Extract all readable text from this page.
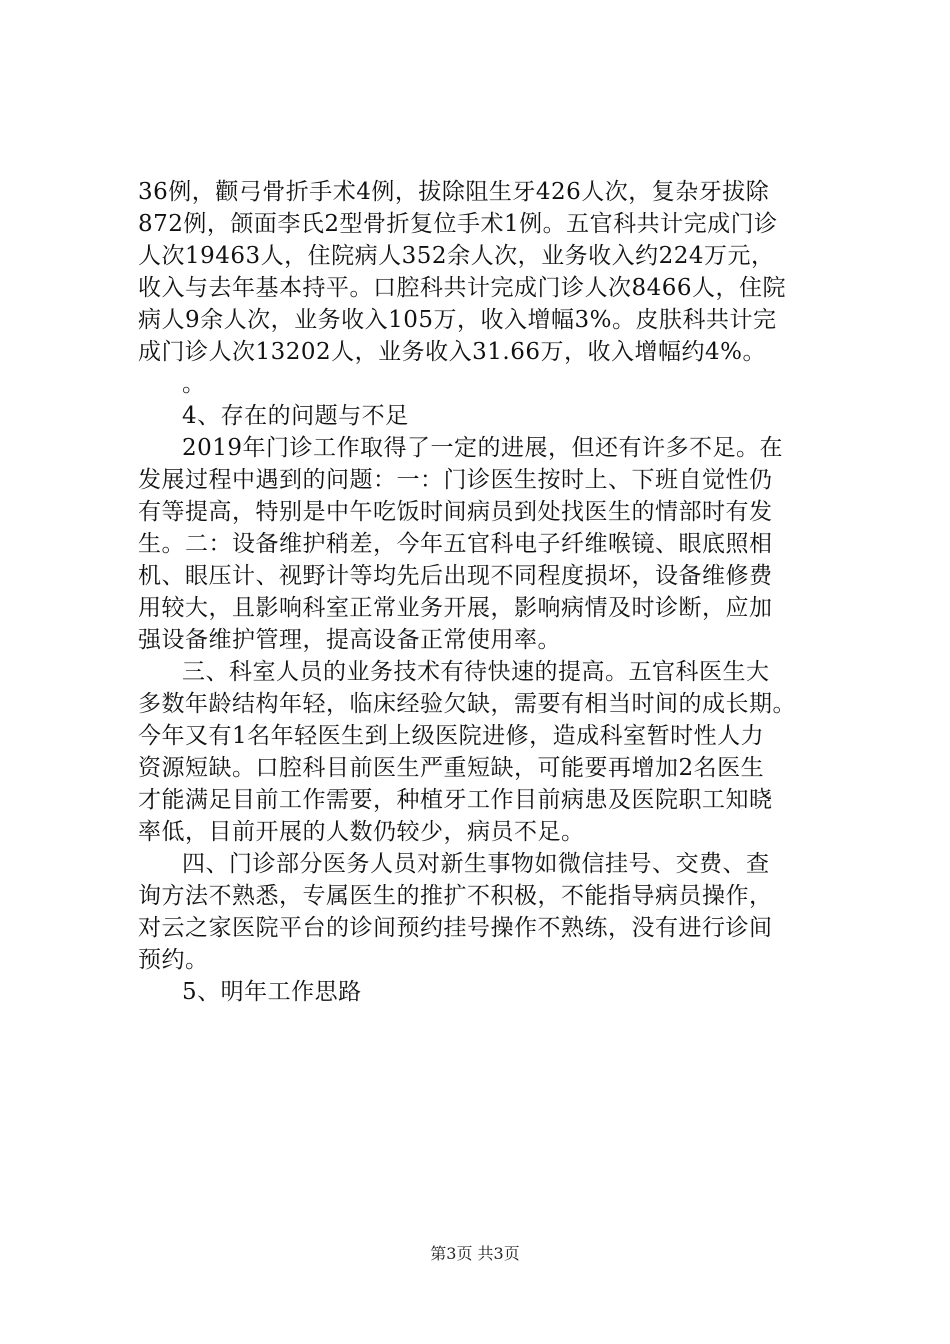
36例，颧弓骨折手术4例，拔除阻生牙426人次，复杂牙拔除
872例，颌面李氏2型骨折复位手术1例。五官科共计完成门诊
人次19463人，住院病人352余人次，业务收入约224万元，
收入与去年基本持平。口腔科共计完成门诊人次8466人，住院
病人9余人次，业务收入105万，收入增幅3%。皮肤科共计完
成门诊人次13202人，业务收入31.66万，收入增幅约4%。
。
4、存在的问题与不足
2019年门诊工作取得了一定的进展，但还有许多不足。在
发展过程中遇到的问题：一：门诊医生按时上、下班自觉性仍
有等提高，特别是中午吃饭时间病员到处找医生的情部时有发
生。二：设备维护稍差，今年五官科电子纤维喉镜、眼底照相
机、眼压计、视野计等均先后出现不同程度损坏，设备维修费
用较大，且影响科室正常业务开展，影响病情及时诊断，应加
强设备维护管理，提高设备正常使用率。
三、科室人员的业务技术有待快速的提高。五官科医生大
多数年龄结构年轻，临床经验欠缺，需要有相当时间的成长期。
今年又有1名年轻医生到上级医院进修，造成科室暂时性人力
资源短缺。口腔科目前医生严重短缺，可能要再增加2名医生
才能满足目前工作需要，种植牙工作目前病患及医院职工知晓
率低，目前开展的人数仍较少，病员不足。
四、门诊部分医务人员对新生事物如微信挂号、交费、查
询方法不熟悉，专属医生的推扩不积极，不能指导病员操作，
对云之家医院平台的诊间预约挂号操作不熟练，没有进行诊间
预约。
5、明年工作思路
第3页 共3页
